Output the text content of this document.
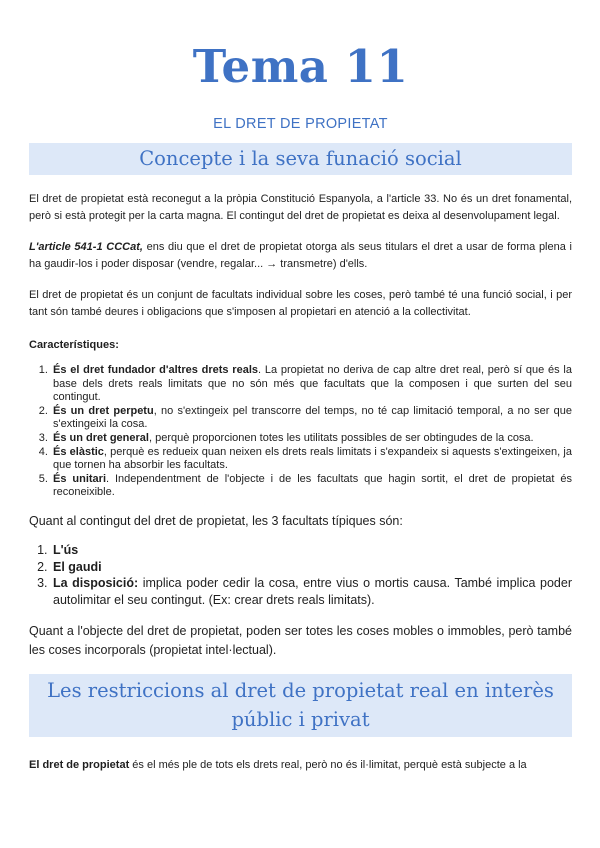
Tema 11
EL DRET DE PROPIETAT
Concepte i la seva funació social

El dret de propietat està reconegut a la pròpia Constitució Espanyola, a l'article 33. No és un dret fonamental, però si està protegit per la carta magna. El contingut del dret de propietat es deixa al desenvolupament legal.

L'article 541-1 CCCat, ens diu que el dret de propietat otorga als seus titulars el dret a usar de forma plena i ha gaudir-los i poder disposar (vendre, regalar... → transmetre) d'ells.

El dret de propietat és un conjunt de facultats individual sobre les coses, però també té una funció social, i per tant són també deures i obligacions que s'imposen al propietari en atenció a la collectivitat.

Característiques:

1. És el dret fundador d'altres drets reals. La propietat no deriva de cap altre dret real, però sí que és la base dels drets reals limitats que no són més que facultats que la composen i que surten del seu contingut.
2. És un dret perpetu, no s'extingeix pel transcorre del temps, no té cap limitació temporal, a no ser que s'extingeixi la cosa.
3. És un dret general, perquè proporcionen totes les utilitats possibles de ser obtingudes de la cosa.
4. És elàstic, perquè es redueix quan neixen els drets reals limitats i s'expandeix si aquests s'extingeixen, ja que tornen ha absorbir les facultats.
5. És unitari. Independentment de l'objecte i de les facultats que hagin sortit, el dret de propietat és reconeixible.

Quant al contingut del dret de propietat, les 3 facultats típiques són:

1. L'ús
2. El gaudi
3. La disposició: implica poder cedir la cosa, entre vius o mortis causa. També implica poder autolimitar el seu contingut. (Ex: crear drets reals limitats).

Quant a l'objecte del dret de propietat, poden ser totes les coses mobles o immobles, però també les coses incorporals (propietat intel·lectual).

Les restriccions al dret de propietat real en interès públic i privat

El dret de propietat és el més ple de tots els drets real, però no és il·limitat, perquè està subjecte a la
